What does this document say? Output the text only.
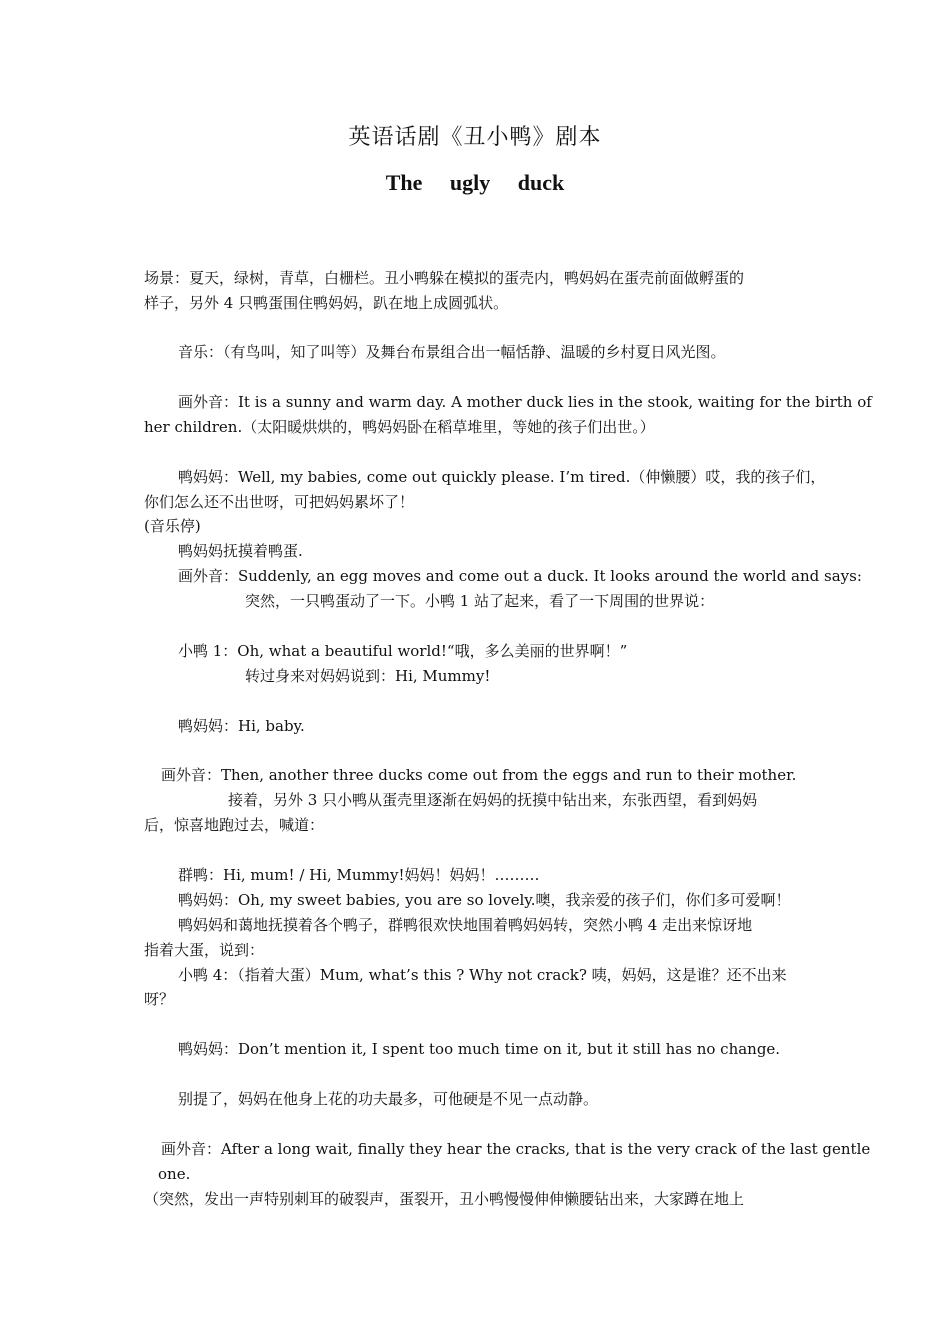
英语话剧《丑小鸭》剧本
The ugly duck
场景：夏天，绿树，青草，白栅栏。丑小鸭躲在模拟的蛋壳内，鸭妈妈在蛋壳前面做孵蛋的
样子，另外 4 只鸭蛋围住鸭妈妈，趴在地上成圆弧状。
音乐：（有鸟叫，知了叫等）及舞台布景组合出一幅恬静、温暖的乡村夏日风光图。
画外音：It is a sunny and warm day. A mother duck lies in the stook, waiting for the birth of
her children.（太阳暖烘烘的，鸭妈妈卧在稻草堆里，等她的孩子们出世。）
鸭妈妈：Well, my babies, come out quickly please. I’m tired.（伸懒腰）哎，我的孩子们，
你们怎么还不出世呀，可把妈妈累坏了！
(音乐停)
鸭妈妈抚摸着鸭蛋.
画外音：Suddenly, an egg moves and come out a duck. It looks around the world and says:
突然，一只鸭蛋动了一下。小鸭 1 站了起来，看了一下周围的世界说：
小鸭 1：Oh, what a beautiful world!“哦，多么美丽的世界啊！”
转过身来对妈妈说到：Hi, Mummy!
鸭妈妈：Hi, baby.
画外音：Then, another three ducks come out from the eggs and run to their mother.
接着，另外 3 只小鸭从蛋壳里逐渐在妈妈的抚摸中钻出来，东张西望，看到妈妈
后，惊喜地跑过去，喊道：
群鸭：Hi, mum! / Hi, Mummy!妈妈！妈妈！………
鸭妈妈：Oh, my sweet babies, you are so lovely.噢，我亲爱的孩子们，你们多可爱啊！
鸭妈妈和蔼地抚摸着各个鸭子，群鸭很欢快地围着鸭妈妈转，突然小鸭 4 走出来惊讶地
指着大蛋，说到：
小鸭 4：（指着大蛋）Mum, what’s this ? Why not crack? 咦，妈妈，这是谁？还不出来
呀？
鸭妈妈：Don’t mention it, I spent too much time on it, but it still has no change.
别提了，妈妈在他身上花的功夫最多，可他硬是不见一点动静。
画外音：After a long wait, finally they hear the cracks, that is the very crack of the last gentle
one.
（突然，发出一声特别刺耳的破裂声，蛋裂开，丑小鸭慢慢伸伸懒腰钻出来，大家蹲在地上
